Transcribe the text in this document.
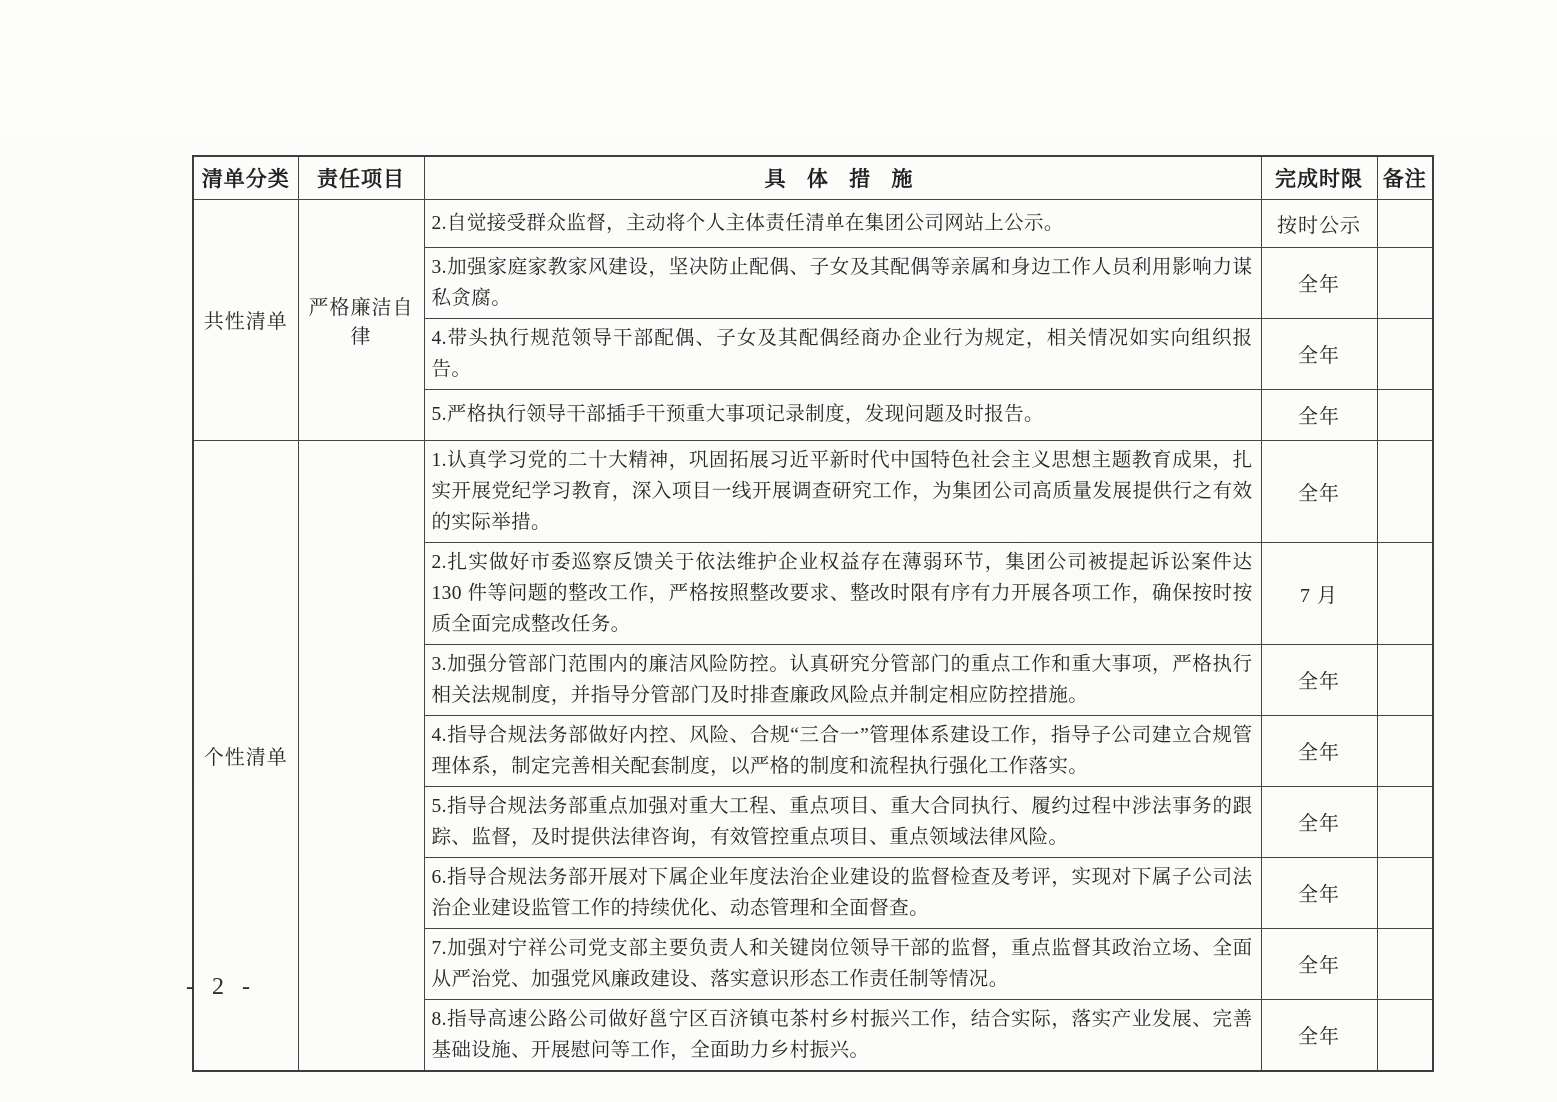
清单分类	责任项目	具 体 措 施	完成时限	备注
共性清单	严格廉洁自律	2.自觉接受群众监督，主动将个人主体责任清单在集团公司网站上公示。	按时公示	
		3.加强家庭家教家风建设，坚决防止配偶、子女及其配偶等亲属和身边工作人员利用影响力谋私贪腐。	全年	
		4.带头执行规范领导干部配偶、子女及其配偶经商办企业行为规定，相关情况如实向组织报告。	全年	
		5.严格执行领导干部插手干预重大事项记录制度，发现问题及时报告。	全年	
个性清单		1.认真学习党的二十大精神，巩固拓展习近平新时代中国特色社会主义思想主题教育成果，扎实开展党纪学习教育，深入项目一线开展调查研究工作，为集团公司高质量发展提供行之有效的实际举措。	全年	
		2.扎实做好市委巡察反馈关于依法维护企业权益存在薄弱环节，集团公司被提起诉讼案件达 130 件等问题的整改工作，严格按照整改要求、整改时限有序有力开展各项工作，确保按时按质全面完成整改任务。	7 月	
		3.加强分管部门范围内的廉洁风险防控。认真研究分管部门的重点工作和重大事项，严格执行相关法规制度，并指导分管部门及时排查廉政风险点并制定相应防控措施。	全年	
		4.指导合规法务部做好内控、风险、合规“三合一”管理体系建设工作，指导子公司建立合规管理体系，制定完善相关配套制度，以严格的制度和流程执行强化工作落实。	全年	
		5.指导合规法务部重点加强对重大工程、重点项目、重大合同执行、履约过程中涉法事务的跟踪、监督，及时提供法律咨询，有效管控重点项目、重点领域法律风险。	全年	
		6.指导合规法务部开展对下属企业年度法治企业建设的监督检查及考评，实现对下属子公司法治企业建设监管工作的持续优化、动态管理和全面督查。	全年	
		7.加强对宁祥公司党支部主要负责人和关键岗位领导干部的监督，重点监督其政治立场、全面从严治党、加强党风廉政建设、落实意识形态工作责任制等情况。	全年	
		8.指导高速公路公司做好邕宁区百济镇屯茶村乡村振兴工作，结合实际，落实产业发展、完善基础设施、开展慰问等工作，全面助力乡村振兴。	全年	
- 2 -
